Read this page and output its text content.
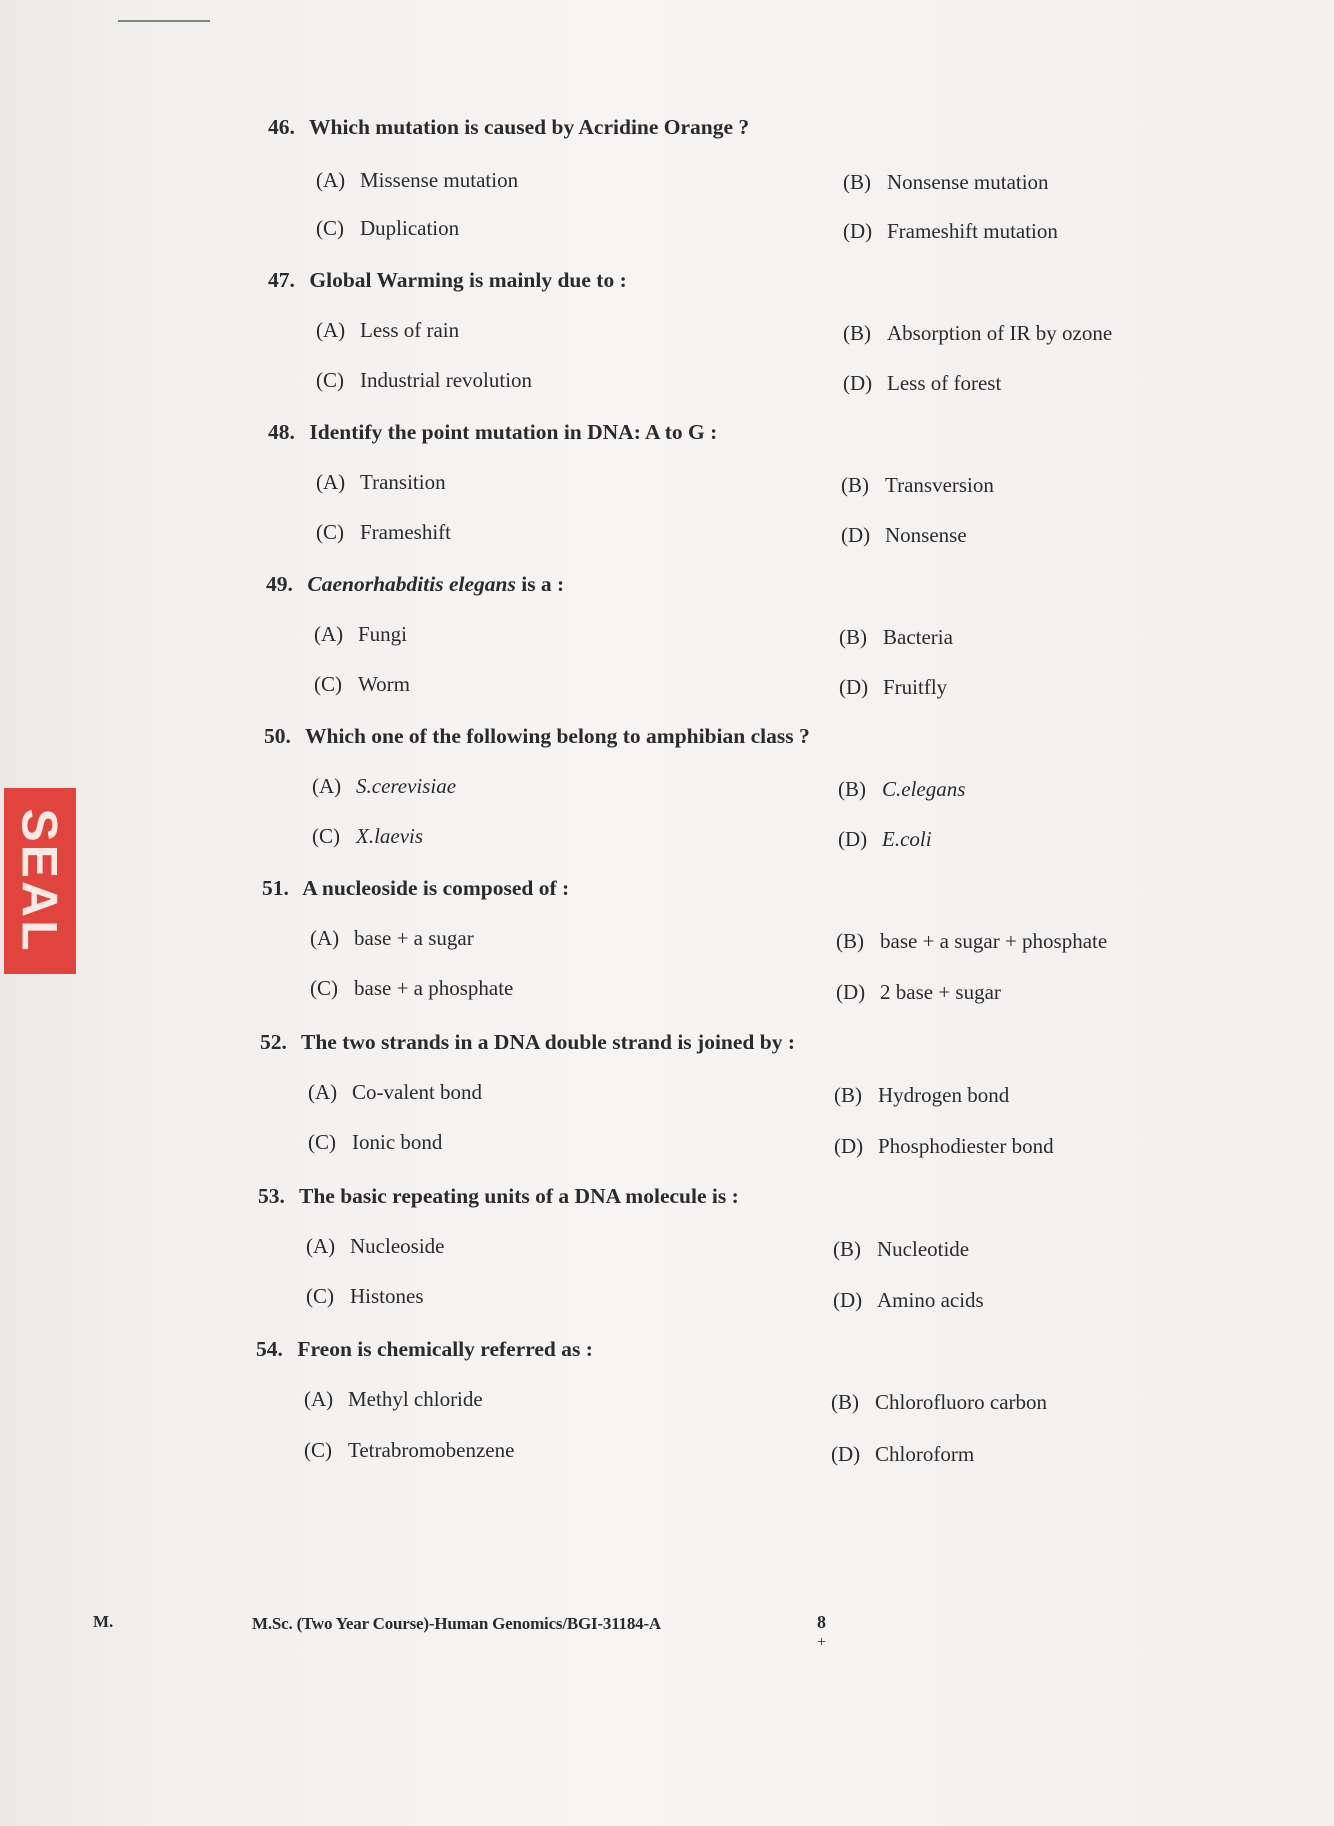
SEAL
46. Which mutation is caused by Acridine Orange ?
(A) Missense mutation	(B) Nonsense mutation
(C) Duplication	(D) Frameshift mutation
47. Global Warming is mainly due to :
(A) Less of rain	(B) Absorption of IR by ozone
(C) Industrial revolution	(D) Less of forest
48. Identify the point mutation in DNA: A to G :
(A) Transition	(B) Transversion
(C) Frameshift	(D) Nonsense
49. Caenorhabditis elegans is a :
(A) Fungi	(B) Bacteria
(C) Worm	(D) Fruitfly
50. Which one of the following belong to amphibian class ?
(A) S.cerevisiae	(B) C.elegans
(C) X.laevis	(D) E.coli
51. A nucleoside is composed of :
(A) base + a sugar	(B) base + a sugar + phosphate
(C) base + a phosphate	(D) 2 base + sugar
52. The two strands in a DNA double strand is joined by :
(A) Co-valent bond	(B) Hydrogen bond
(C) Ionic bond	(D) Phosphodiester bond
53. The basic repeating units of a DNA molecule is :
(A) Nucleoside	(B) Nucleotide
(C) Histones	(D) Amino acids
54. Freon is chemically referred as :
(A) Methyl chloride	(B) Chlorofluoro carbon
(C) Tetrabromobenzene	(D) Chloroform
M.	M.Sc. (Two Year Course)-Human Genomics/BGI-31184-A	8
+
